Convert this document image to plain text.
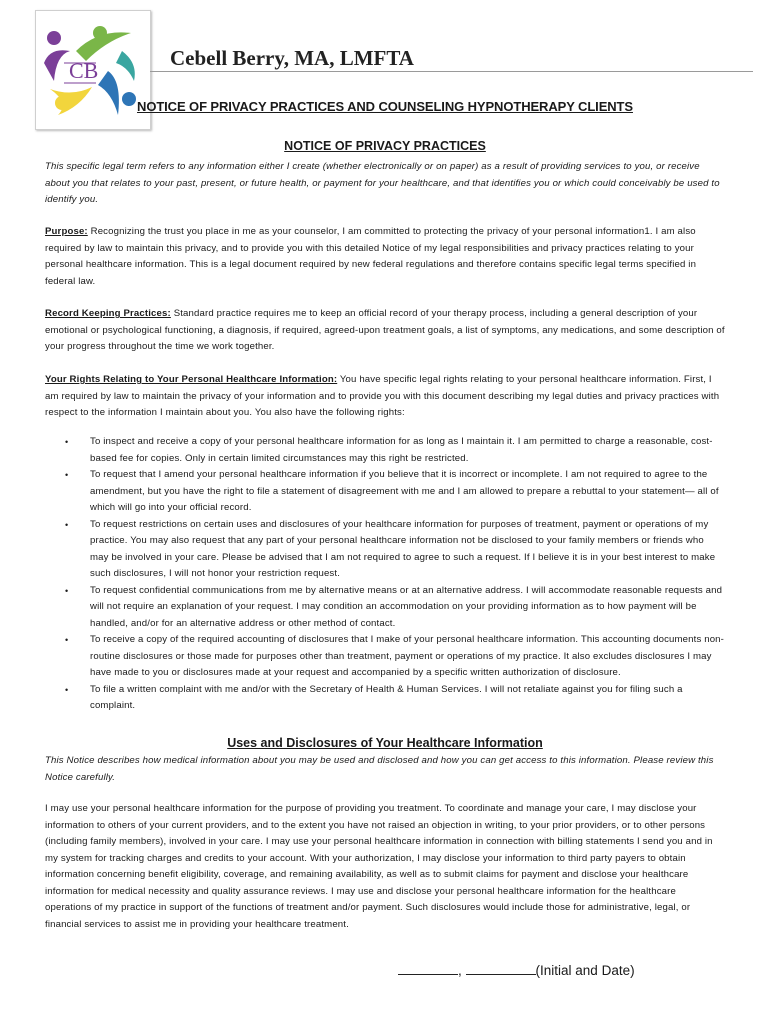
CB	Cebell Berry, MA, LMFTA
NOTICE OF PRIVACY PRACTICES AND COUNSELING HYPNOTHERAPY CLIENTS
NOTICE OF PRIVACY PRACTICES
This specific legal term refers to any information either I create (whether electronically or on paper) as a result of providing services to you, or receive about you that relates to your past, present, or future health, or payment for your healthcare, and that identifies you or which could conceivably be used to identify you.
Purpose: Recognizing the trust you place in me as your counselor, I am committed to protecting the privacy of your personal information1. I am also required by law to maintain this privacy, and to provide you with this detailed Notice of my legal responsibilities and privacy practices relating to your personal healthcare information. This is a legal document required by new federal regulations and therefore contains specific legal terms specified in federal law.
Record Keeping Practices: Standard practice requires me to keep an official record of your therapy process, including a general description of your emotional or psychological functioning, a diagnosis, if required, agreed-upon treatment goals, a list of symptoms, any medications, and some description of your progress throughout the time we work together.
Your Rights Relating to Your Personal Healthcare Information: You have specific legal rights relating to your personal healthcare information. First, I am required by law to maintain the privacy of your information and to provide you with this document describing my legal duties and privacy practices with respect to the information I maintain about you. You also have the following rights:
• To inspect and receive a copy of your personal healthcare information for as long as I maintain it. I am permitted to charge a reasonable, cost-based fee for copies. Only in certain limited circumstances may this right be restricted.
• To request that I amend your personal healthcare information if you believe that it is incorrect or incomplete. I am not required to agree to the amendment, but you have the right to file a statement of disagreement with me and I am allowed to prepare a rebuttal to your statement— all of which will go into your official record.
• To request restrictions on certain uses and disclosures of your healthcare information for purposes of treatment, payment or operations of my practice. You may also request that any part of your personal healthcare information not be disclosed to your family members or friends who may be involved in your care. Please be advised that I am not required to agree to such a request. If I believe it is in your best interest to make such disclosures, I will not honor your restriction request.
• To request confidential communications from me by alternative means or at an alternative address. I will accommodate reasonable requests and will not require an explanation of your request. I may condition an accommodation on your providing information as to how payment will be handled, and/or for an alternative address or other method of contact.
• To receive a copy of the required accounting of disclosures that I make of your personal healthcare information. This accounting documents non-routine disclosures or those made for purposes other than treatment, payment or operations of my practice. It also excludes disclosures I may have made to you or disclosures made at your request and accompanied by a specific written authorization of disclosure.
• To file a written complaint with me and/or with the Secretary of Health & Human Services. I will not retaliate against you for filing such a complaint.
Uses and Disclosures of Your Healthcare Information
This Notice describes how medical information about you may be used and disclosed and how you can get access to this information. Please review this Notice carefully.
I may use your personal healthcare information for the purpose of providing you treatment. To coordinate and manage your care, I may disclose your information to others of your current providers, and to the extent you have not raised an objection in writing, to your prior providers, or to other persons (including family members), involved in your care. I may use your personal healthcare information in connection with billing statements I send you and in my system for tracking charges and credits to your account. With your authorization, I may disclose your information to third party payers to obtain information concerning benefit eligibility, coverage, and remaining availability, as well as to submit claims for payment and disclose your healthcare information for medical necessity and quality assurance reviews. I may use and disclose your personal healthcare information for the healthcare operations of my practice in support of the functions of treatment and/or payment. Such disclosures would include those for administrative, legal, or financial services to assist me in providing your healthcare treatment.
,	(Initial and Date)
